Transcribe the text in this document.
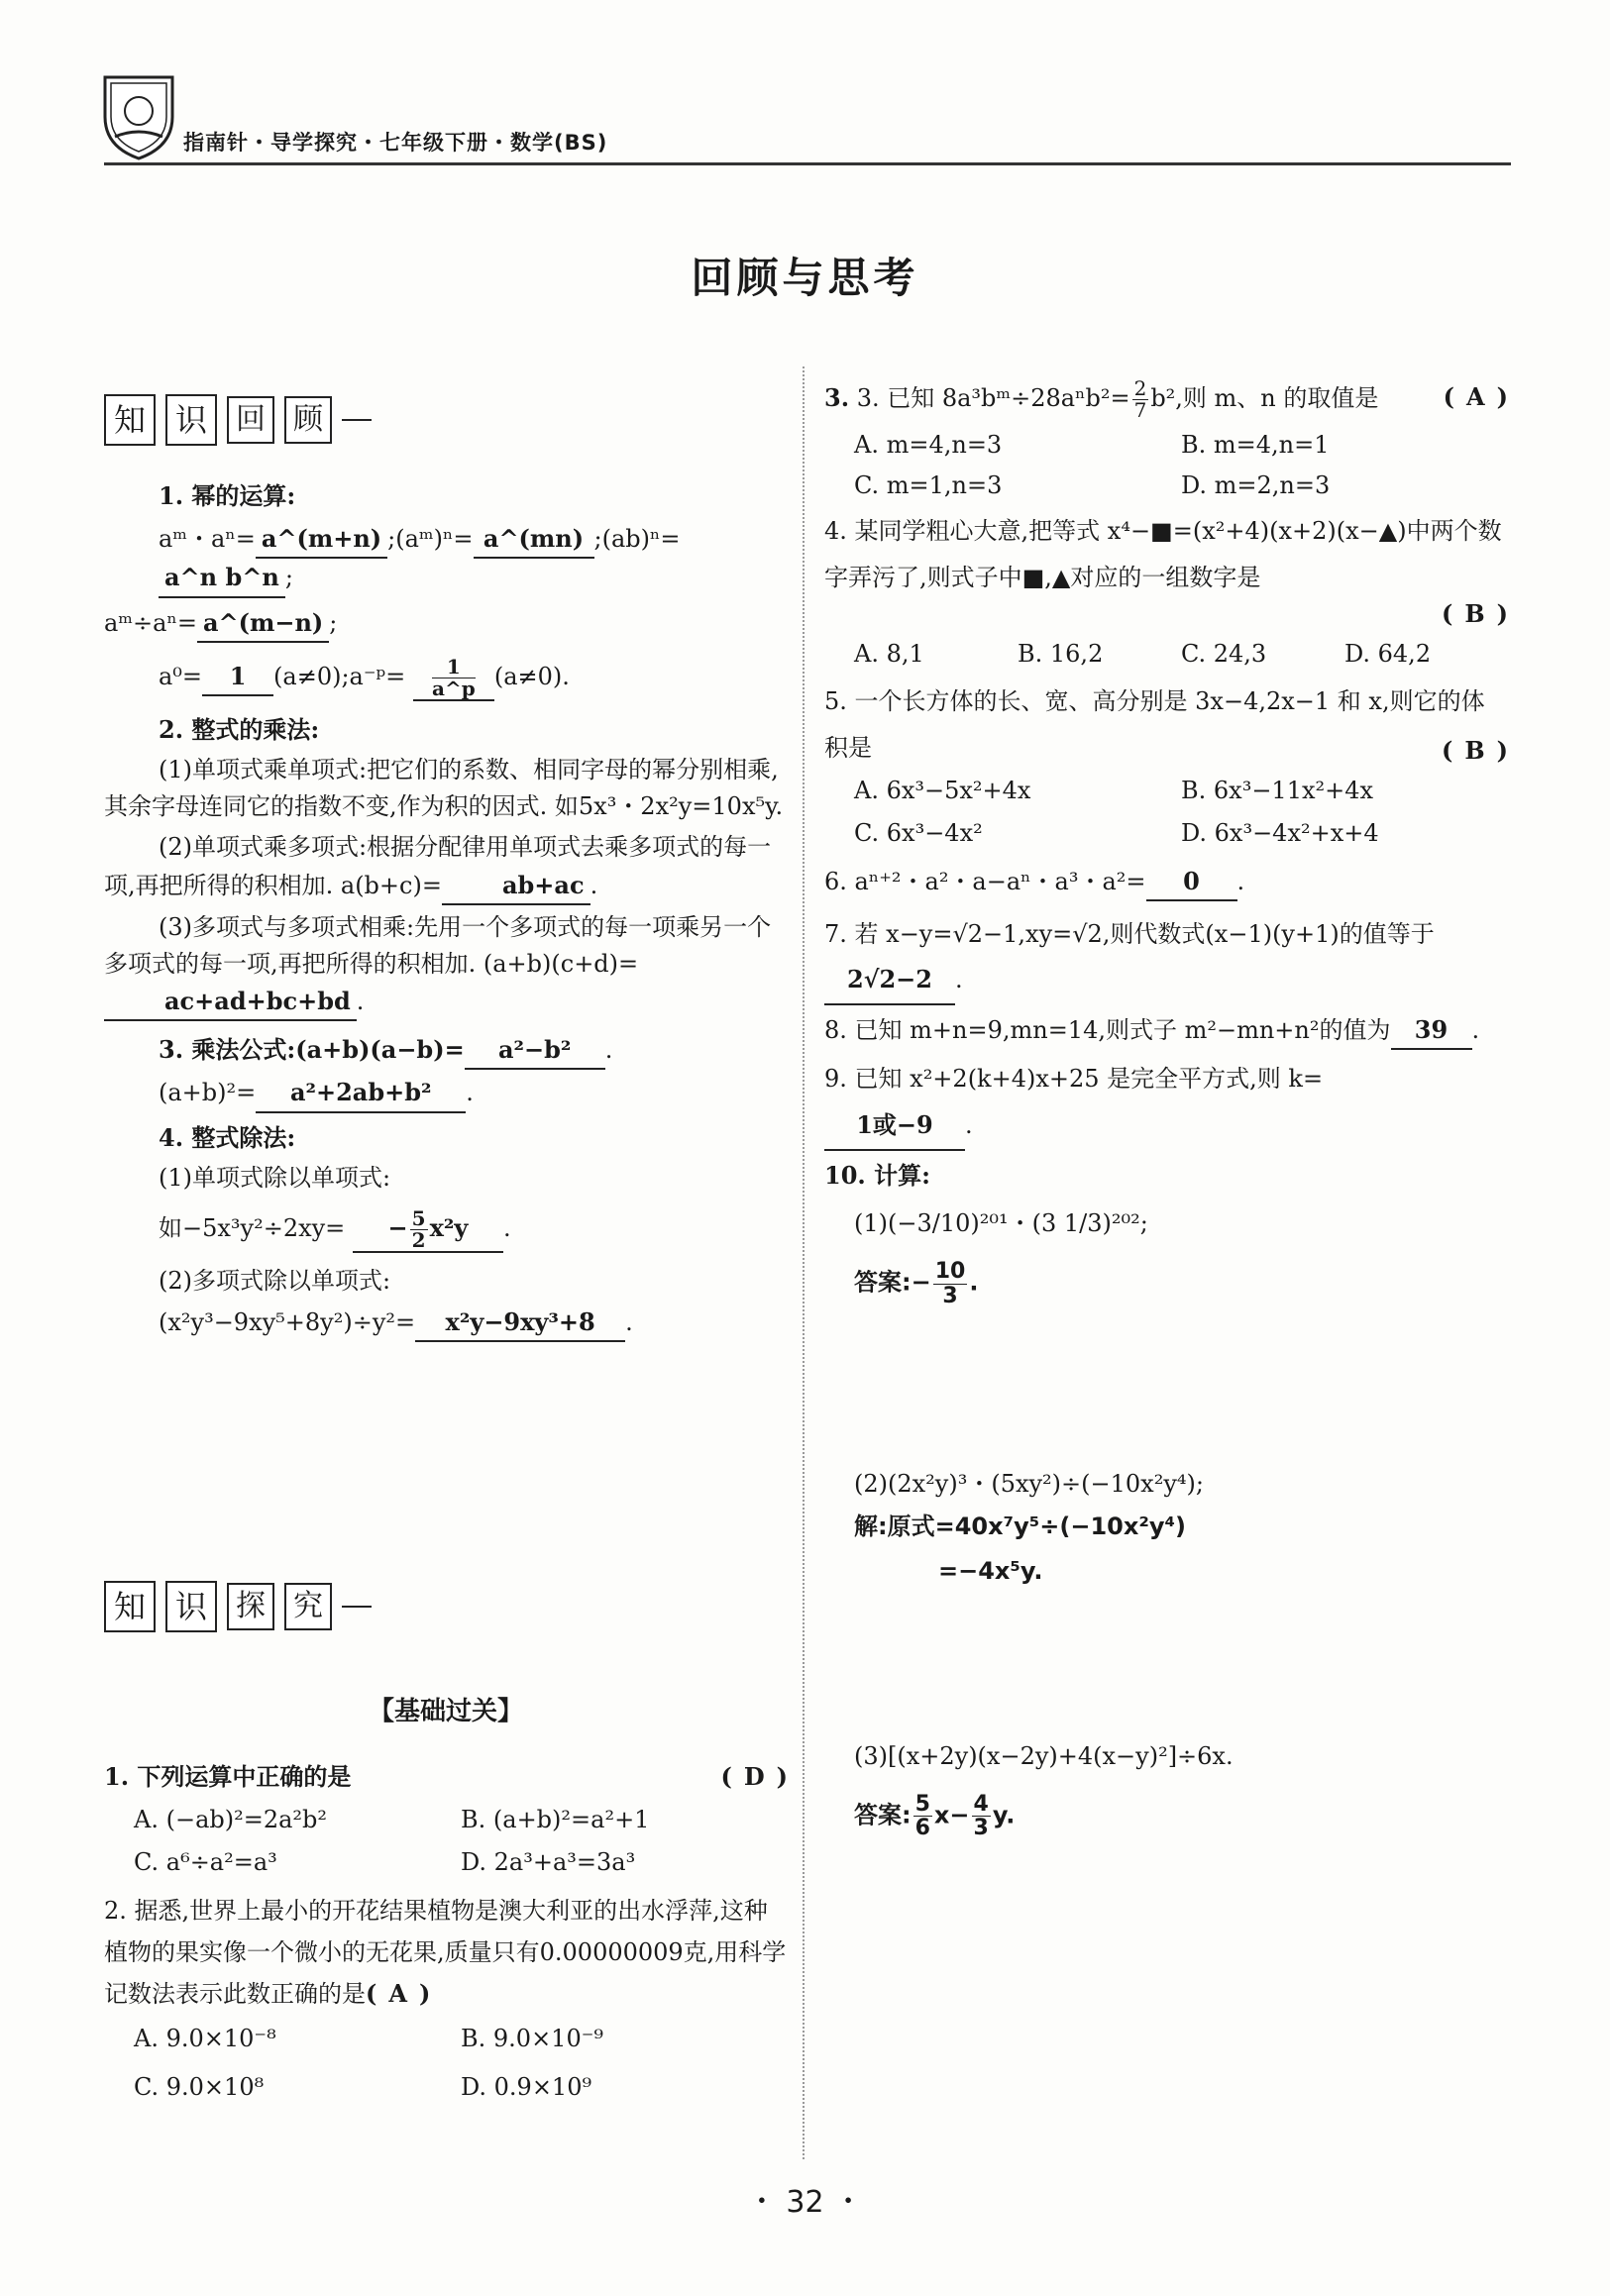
指南针・导学探究・七年级下册・数学(BS)
回顾与思考
知 识 回 顾
1. 幂的运算:
aᵐ・aⁿ= a^(m+n) ;(aᵐ)ⁿ= a^(mn) ;(ab)ⁿ=a^n b^n ;
aᵐ÷aⁿ= a^(m−n) ;
a⁰= 1 (a≠0);a⁻ᵖ= $\frac{1}{a\^{}p} (a\ne 0)$.
2. 整式的乘法:
(1)单项式乘单项式:把它们的系数、相同字母的幂分别相乘,其余字母连同它的指数不变,作为积的因式. 如5x³・2x²y=10x⁵y.
(2)单项式乘多项式:根据分配律用单项式去乘多项式的每一项,再把所得的积相加. a(b+c)=	ab+ac .
(3)多项式与多项式相乘:先用一个多项式的每一项乘另一个多项式的每一项,再把所得的积相加. (a+b)(c+d)=ac+ad+bc+bd .
3. 乘法公式:(a+b)(a−b)= a²−b² .
(a+b)²= a²+2ab+b² .
4. 整式除法:
(1)单项式除以单项式:
如$-5x^3y^2\div 2xy= - \frac{5}{2} x^2y$ .
(2)多项式除以单项式:
(x²y³−9xy⁵+8y²)÷y²= x²y−9xy³+8 .
知 识 探 究
【基础过关】
1. 下列运算中正确的是	( D )
A. (−ab)²=2a²b²	B. (a+b)²=a²+1
C. a⁶÷a²=a³	D. 2a³+a³=3a³
2. 据悉,世界上最小的开花结果植物是澳大利亚的出水浮萍,这种植物的果实像一个微小的无花果,质量只有0.00000009克,用科学记数法表示此数正确的是( A )
A. 9.0×10⁻⁸	B. 9.0×10⁻⁹
C. 9.0×10⁸	D. 0.9×10⁹
3. 3. 已知 8a³bᵐ÷28aⁿb²= $\frac{2}{7} b^2$,则 m、n 的取值是	( A )
A. m=4,n=3	B. m=4,n=1
C. m=1,n=3	D. m=2,n=3
4. 某同学粗心大意,把等式 x⁴−■=(x²+4)(x+2)(x−▲)中两个数字弄污了,则式子中■,▲对应的一组数字是
( B )
A. 8,1	B. 16,2	C. 24,3	D. 64,2
5. 一个长方体的长、宽、高分别是 3x−4,2x−1 和 x,则它的体积是	( B )
A. 6x³−5x²+4x	B. 6x³−11x²+4x
C. 6x³−4x²	D. 6x³−4x²+x+4
6. aⁿ⁺²・a²・a−aⁿ・a³・a²= 0 .
7. 若 x−y=√2−1,xy=√2,则代数式(x−1)(y+1)的值等于2√2−2 .
8. 已知 m+n=9,mn=14,则式子 m²−mn+n²的值为 39 .
9. 已知 x²+2(k+4)x+25 是完全平方式,则 k=
1或−9 .
10. 计算:
(1)(−3/10)²⁰¹・(3 1/3)²⁰²;
答案:− $\frac{10}{3}$ .
(2)(2x²y)³・(5xy²)÷(−10x²y⁴);
解:原式=40x⁷y⁵÷(−10x²y⁴)
=−4x⁵y.
(3)[(x+2y)(x−2y)+4(x−y)²]÷6x.
答案: $\frac{5}{6} x- \frac{4}{3} y$.
・ 32 ・
